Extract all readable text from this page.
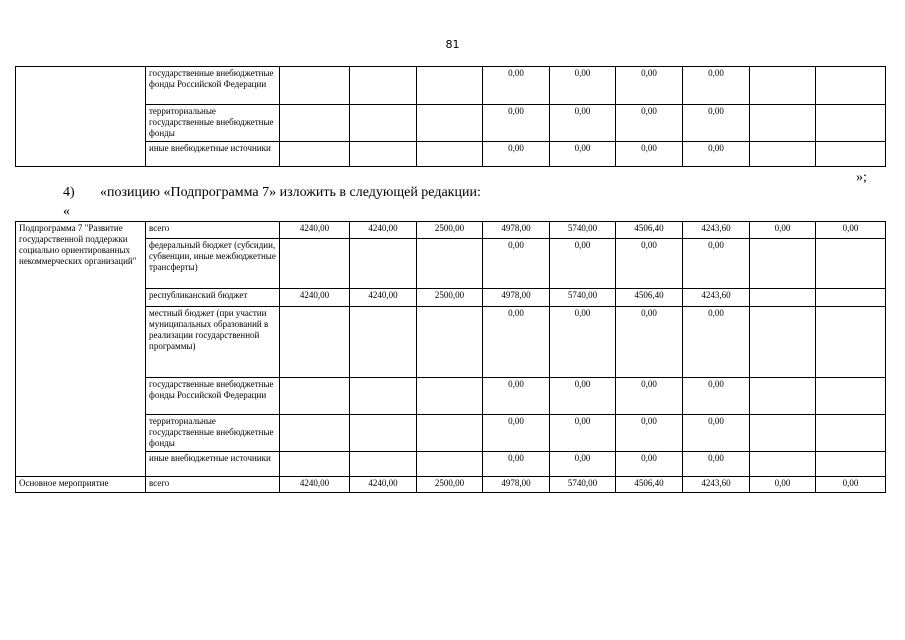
81
	государственные внебюджетные фонды Российской Федерации				0,00	0,00	0,00	0,00		
	территориальные государственные внебюджетные фонды				0,00	0,00	0,00	0,00		
	иные внебюджетные источники				0,00	0,00	0,00	0,00		
»;
4) «позицию «Подпрограмма 7» изложить в следующей редакции:
«
Подпрограмма 7 "Развитие государственной поддержки социально ориентированных некоммерческих организаций"	всего	4240,00	4240,00	2500,00	4978,00	5740,00	4506,40	4243,60	0,00	0,00
	федеральный бюджет (субсидии, субвенции, иные межбюджетные трансферты)				0,00	0,00	0,00	0,00		
	республиканский бюджет	4240,00	4240,00	2500,00	4978,00	5740,00	4506,40	4243,60		
	местный бюджет (при участии муниципальных образований в реализации государственной программы)				0,00	0,00	0,00	0,00		
	государственные внебюджетные фонды Российской Федерации				0,00	0,00	0,00	0,00		
	территориальные государственные внебюджетные фонды				0,00	0,00	0,00	0,00		
	иные внебюджетные источники				0,00	0,00	0,00	0,00		
Основное мероприятие	всего	4240,00	4240,00	2500,00	4978,00	5740,00	4506,40	4243,60	0,00	0,00
